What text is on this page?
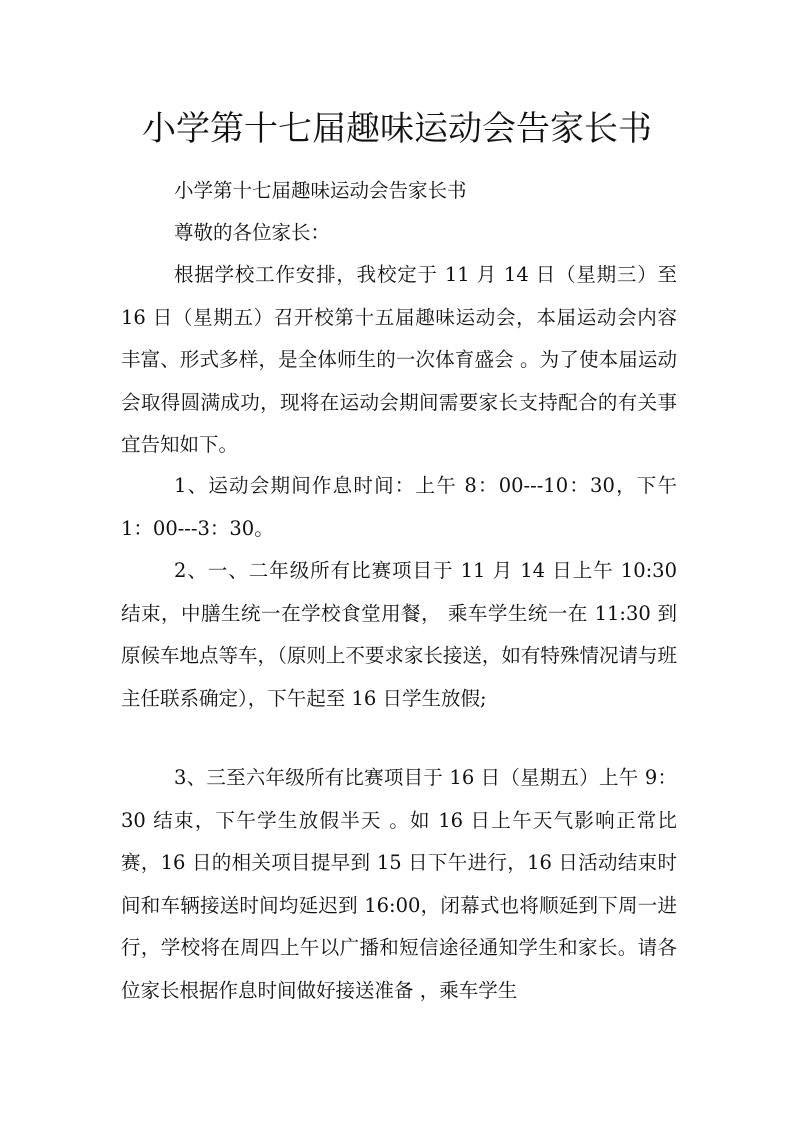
小学第十七届趣味运动会告家长书

小学第十七届趣味运动会告家长书

尊敬的各位家长：

根据学校工作安排，我校定于 11 月 14 日（星期三）至 16 日（星期五）召开校第十五届趣味运动会，本届运动会内容丰富、形式多样，是全体师生的一次体育盛会 。为了使本届运动会取得圆满成功，现将在运动会期间需要家长支持配合的有关事宜告知如下。

1、运动会期间作息时间：上午 8：00---10：30，下午 1：00---3：30。

2、一、二年级所有比赛项目于 11 月 14 日上午 10:30 结束，中膳生统一在学校食堂用餐， 乘车学生统一在 11:30 到原候车地点等车，（原则上不要求家长接送，如有特殊情况请与班主任联系确定），下午起至 16 日学生放假;

3、三至六年级所有比赛项目于 16 日（星期五）上午 9：30 结束，下午学生放假半天 。如 16 日上午天气影响正常比赛，16 日的相关项目提早到 15 日下午进行，16 日活动结束时间和车辆接送时间均延迟到 16:00，闭幕式也将顺延到下周一进行，学校将在周四上午以广播和短信途径通知学生和家长。请各位家长根据作息时间做好接送准备 ，乘车学生
